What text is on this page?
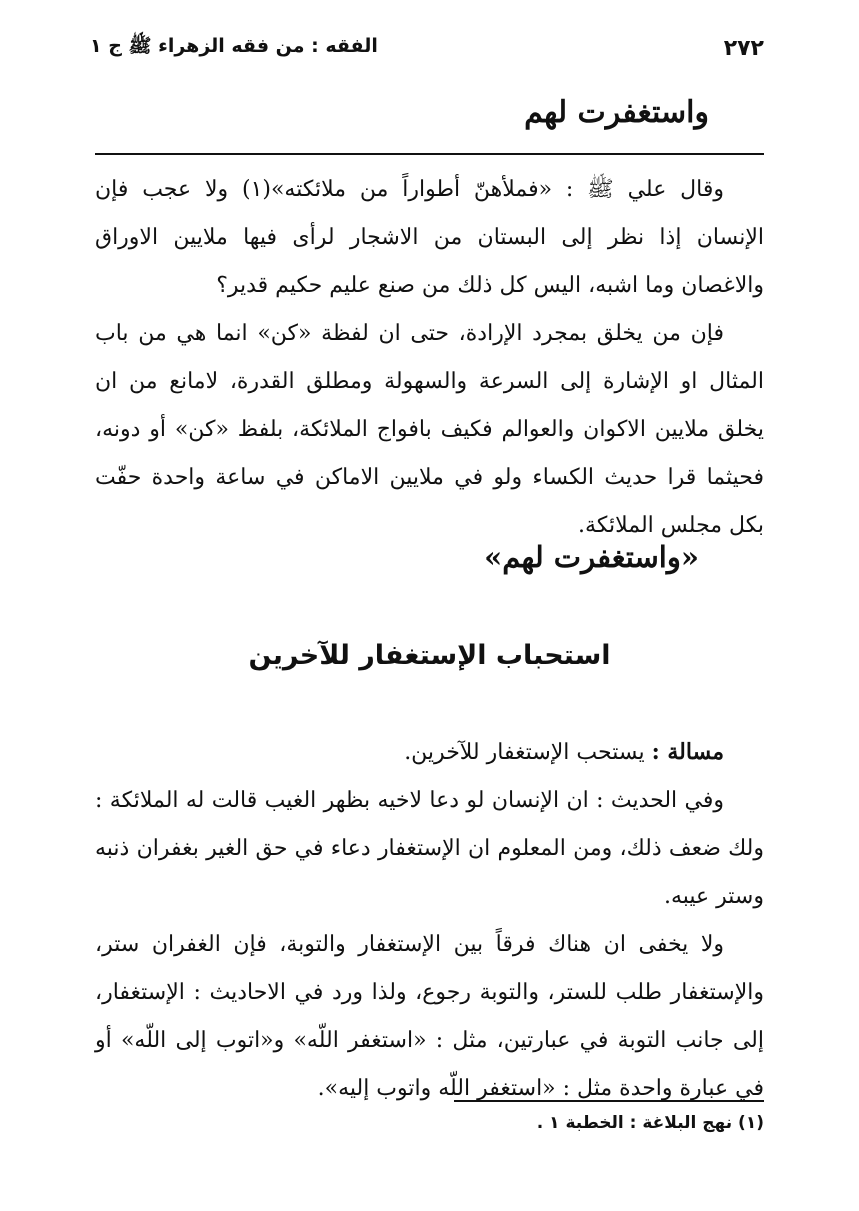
٢٧٢
الفقه : من فقه الزهراء ﷺ ج ١
واستغفرت لهم

وقال علي ﷺ : «فملأهنّ أطواراً من ملائكته»(١) ولا عجب فإن الإنسان إذا نظر إلى البستان من الاشجار لرأى فيها ملايين الاوراق والاغصان وما اشبه، اليس كل ذلك من صنع عليم حكيم قدير؟

فإن من يخلق بمجرد الإرادة، حتى ان لفظة «كن» انما هي من باب المثال او الإشارة إلى السرعة والسهولة ومطلق القدرة، لامانع من ان يخلق ملايين الاكوان والعوالم فكيف بافواج الملائكة، بلفظ «كن» أو دونه، فحيثما قرا حديث الكساء ولو في ملايين الاماكن في ساعة واحدة حفّت بكل مجلس الملائكة.

«واستغفرت لهم»
استحباب الإستغفار للآخرين

مسالة : يستحب الإستغفار للآخرين.

وفي الحديث : ان الإنسان لو دعا لاخيه بظهر الغيب قالت له الملائكة : ولك ضعف ذلك، ومن المعلوم ان الإستغفار دعاء في حق الغير بغفران ذنبه وستر عيبه.

ولا يخفى ان هناك فرقاً بين الإستغفار والتوبة، فإن الغفران ستر، والإستغفار طلب للستر، والتوبة رجوع، ولذا ورد في الاحاديث : الإستغفار، إلى جانب التوبة في عبارتين، مثل : «استغفر اللّه» و«اتوب إلى اللّه» أو في عبارة واحدة مثل : «استغفر اللّه واتوب إليه».

(١) نهج البلاغة : الخطبة ١ .
